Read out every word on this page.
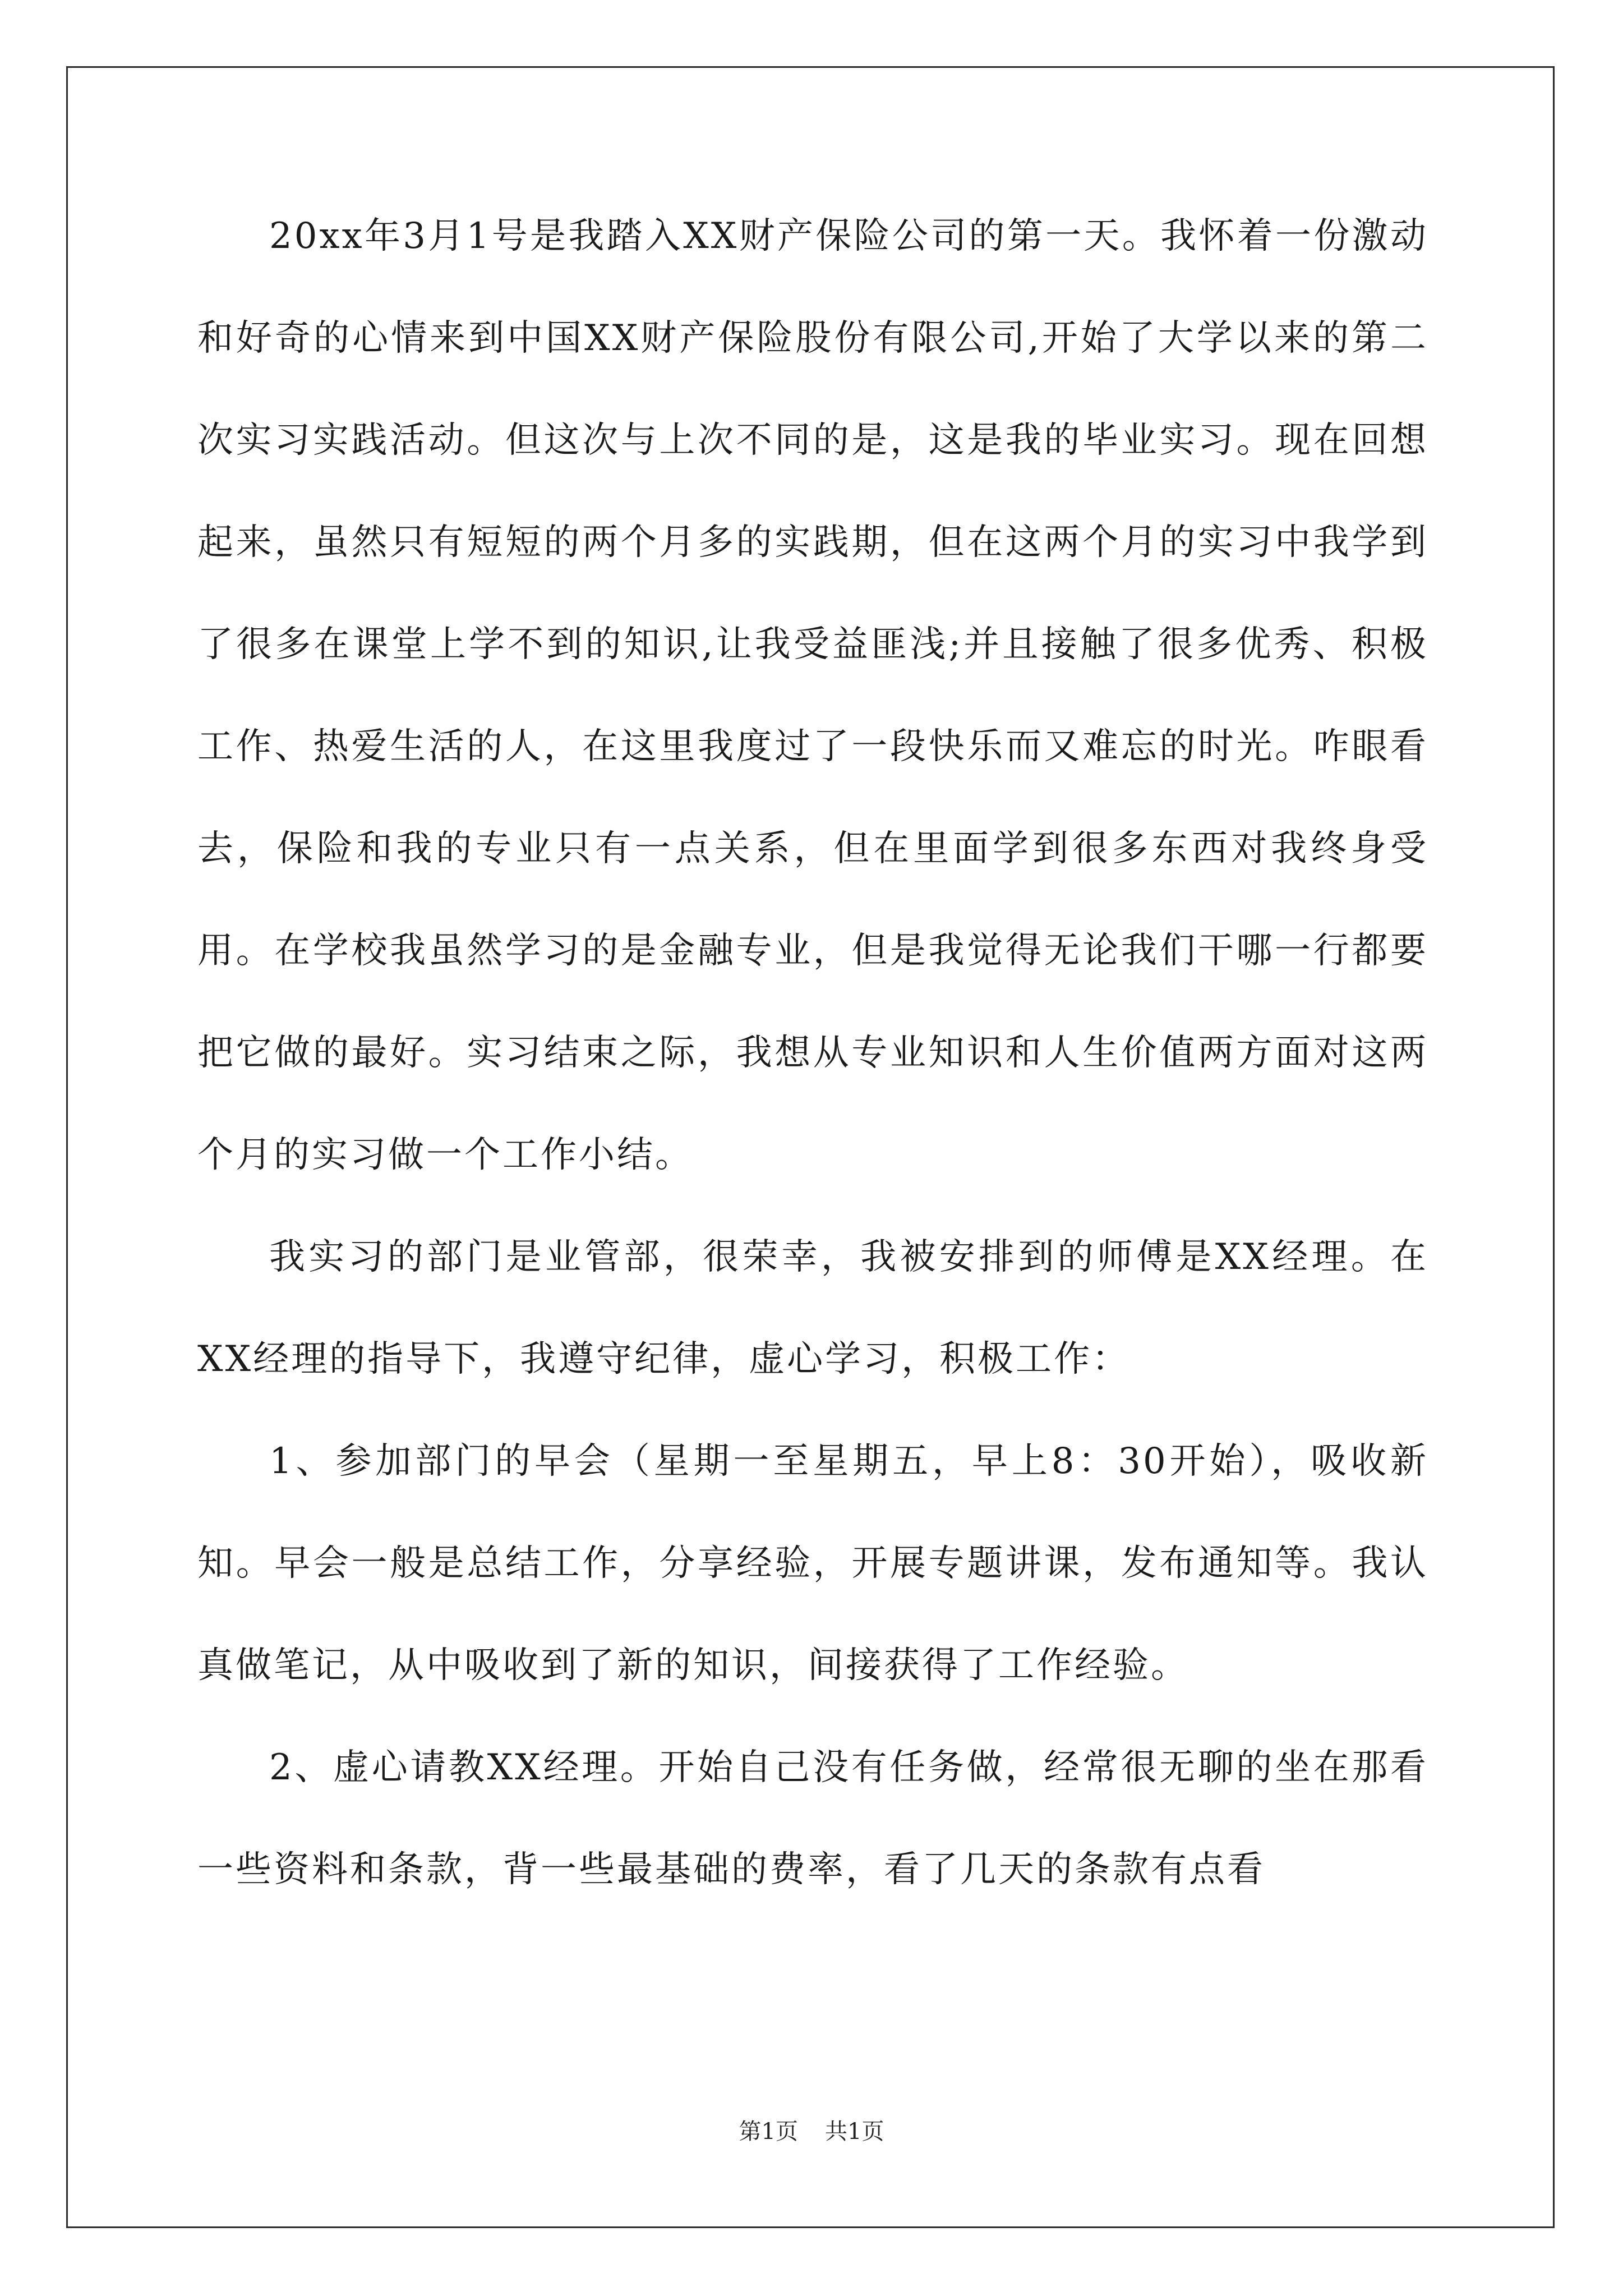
20xx年3月1号是我踏入XX财产保险公司的第一天。我怀着一份激动和好奇的心情来到中国XX财产保险股份有限公司,开始了大学以来的第二次实习实践活动。但这次与上次不同的是，这是我的毕业实习。现在回想起来，虽然只有短短的两个月多的实践期，但在这两个月的实习中我学到了很多在课堂上学不到的知识,让我受益匪浅;并且接触了很多优秀、积极工作、热爱生活的人，在这里我度过了一段快乐而又难忘的时光。咋眼看去，保险和我的专业只有一点关系，但在里面学到很多东西对我终身受用。在学校我虽然学习的是金融专业，但是我觉得无论我们干哪一行都要把它做的最好。实习结束之际，我想从专业知识和人生价值两方面对这两个月的实习做一个工作小结。

我实习的部门是业管部，很荣幸，我被安排到的师傅是XX经理。在XX经理的指导下，我遵守纪律，虚心学习，积极工作：

1、参加部门的早会（星期一至星期五，早上8：30开始），吸收新知。早会一般是总结工作，分享经验，开展专题讲课，发布通知等。我认真做笔记，从中吸收到了新的知识，间接获得了工作经验。

2、虚心请教XX经理。开始自己没有任务做，经常很无聊的坐在那看一些资料和条款，背一些最基础的费率，看了几天的条款有点看

第1页 共1页
